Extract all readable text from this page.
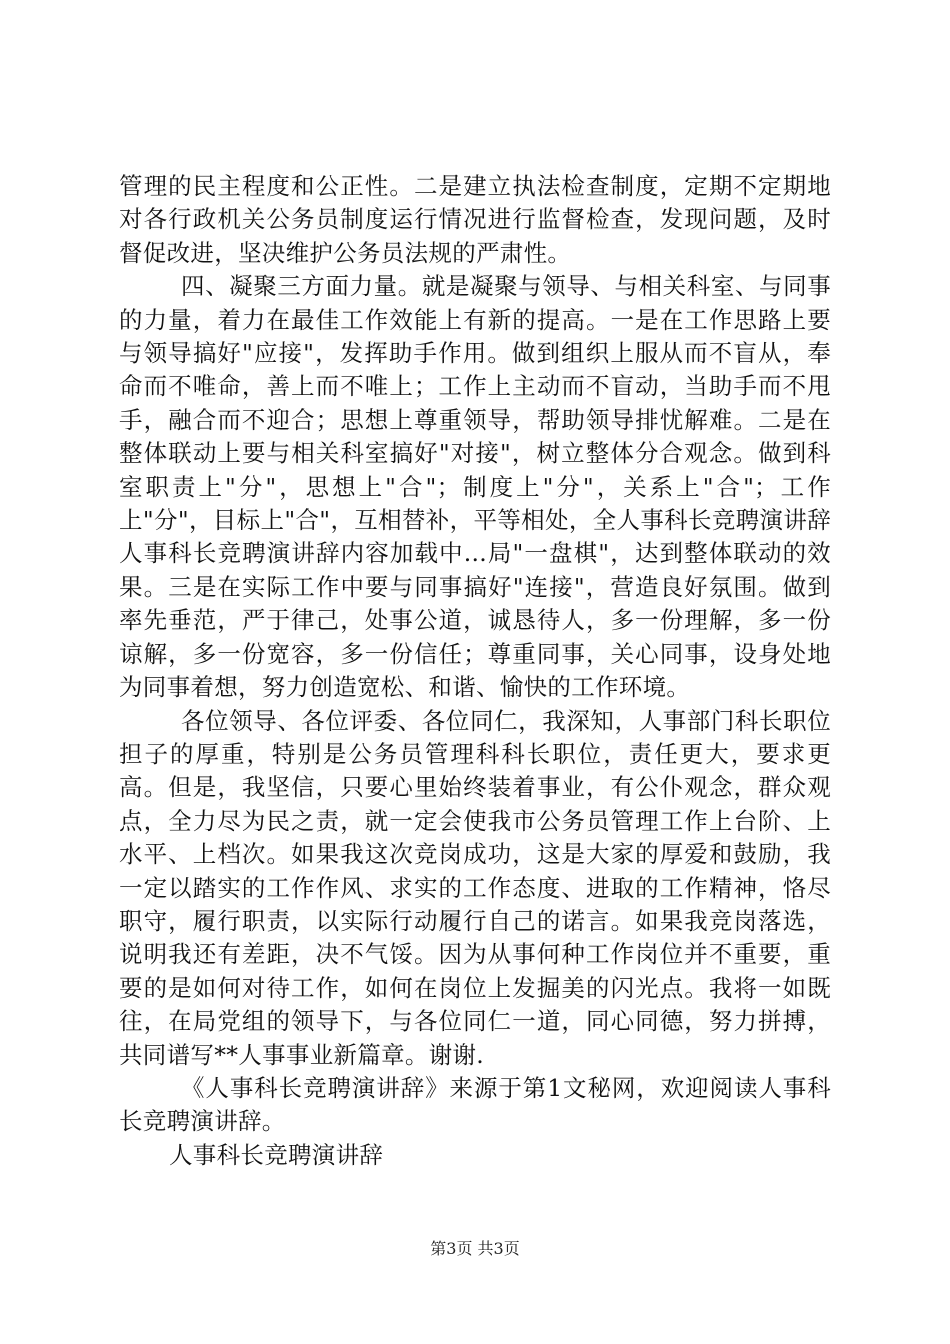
管理的民主程度和公正性。二是建立执法检查制度，定期不定期地对各行政机关公务员制度运行情况进行监督检查，发现问题，及时督促改进，坚决维护公务员法规的严肃性。

四、凝聚三方面力量。就是凝聚与领导、与相关科室、与同事的力量，着力在最佳工作效能上有新的提高。一是在工作思路上要与领导搞好"应接"，发挥助手作用。做到组织上服从而不盲从，奉命而不唯命，善上而不唯上；工作上主动而不盲动，当助手而不甩手，融合而不迎合；思想上尊重领导，帮助领导排忧解难。二是在整体联动上要与相关科室搞好"对接"，树立整体分合观念。做到科室职责上"分"，思想上"合"；制度上"分"，关系上"合"；工作上"分"，目标上"合"，互相替补，平等相处，全人事科长竞聘演讲辞人事科长竞聘演讲辞内容加载中...局"一盘棋"，达到整体联动的效果。三是在实际工作中要与同事搞好"连接"，营造良好氛围。做到率先垂范，严于律己，处事公道，诚恳待人，多一份理解，多一份谅解，多一份宽容，多一份信任；尊重同事，关心同事，设身处地为同事着想，努力创造宽松、和谐、愉快的工作环境。

各位领导、各位评委、各位同仁，我深知，人事部门科长职位担子的厚重，特别是公务员管理科科长职位，责任更大，要求更高。但是，我坚信，只要心里始终装着事业，有公仆观念，群众观点，全力尽为民之责，就一定会使我市公务员管理工作上台阶、上水平、上档次。如果我这次竞岗成功，这是大家的厚爱和鼓励，我一定以踏实的工作作风、求实的工作态度、进取的工作精神，恪尽职守，履行职责，以实际行动履行自己的诺言。如果我竞岗落选，说明我还有差距，决不气馁。因为从事何种工作岗位并不重要，重要的是如何对待工作，如何在岗位上发掘美的闪光点。我将一如既往，在局党组的领导下，与各位同仁一道，同心同德，努力拼搏，共同谱写**人事事业新篇章。谢谢.

《人事科长竞聘演讲辞》来源于第1文秘网，欢迎阅读人事科长竞聘演讲辞。

人事科长竞聘演讲辞

第3页 共3页
